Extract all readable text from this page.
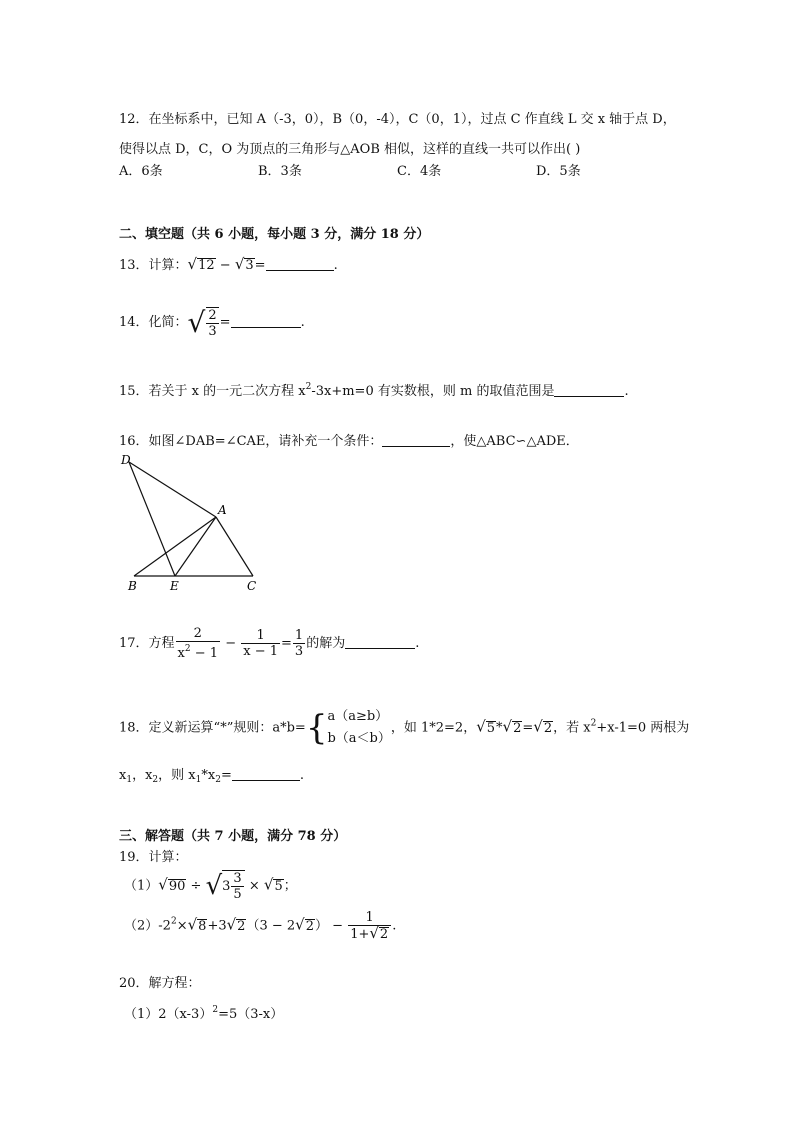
12．在坐标系中，已知 A（-3，0），B（0，-4），C（0，1），过点 C 作直线 L 交 x 轴于点 D，
使得以点 D，C，O 为顶点的三角形与△AOB 相似，这样的直线一共可以作出( )
A．6条	B．3条	C．4条	D．5条
二、填空题（共 6 小题，每小题 3 分，满分 18 分）
13．计算：√12 − √3=	.
14．化简：√ $\frac{2}{3}$ =	.
15．若关于 x 的一元二次方程 $x^2-3x+m=0$ 有实数根，则 m 的取值范围是	.
16．如图∠DAB=∠CAE，请补充一个条件：	，使△ABC∽△ADE．
D
A
B	E	C
17．方程 $\frac{2}{x^2 - 1} - \frac{1}{x - 1} = \frac{1}{3}$ 的解为	.
18．定义新运算“*”规则：a*b={ a（a≥b）
b（a＜b）
，如 1*2=2，√5*√2=√2，若 $x^2+x-1=0$ 两根为
$x_1$，$x_2$，则 $x_1*x_2=$	.
三、解答题（共 7 小题，满分 78 分）
19．计算：
$(1)√90 \div √3 \frac{3}{5} \times √5$；
$(2)-2^2\times√8+3√2(3 - 2√2) - \frac{1}{1+√2}$ .
20．解方程：
$(1)2(x-3)^2=5(3-x)$
